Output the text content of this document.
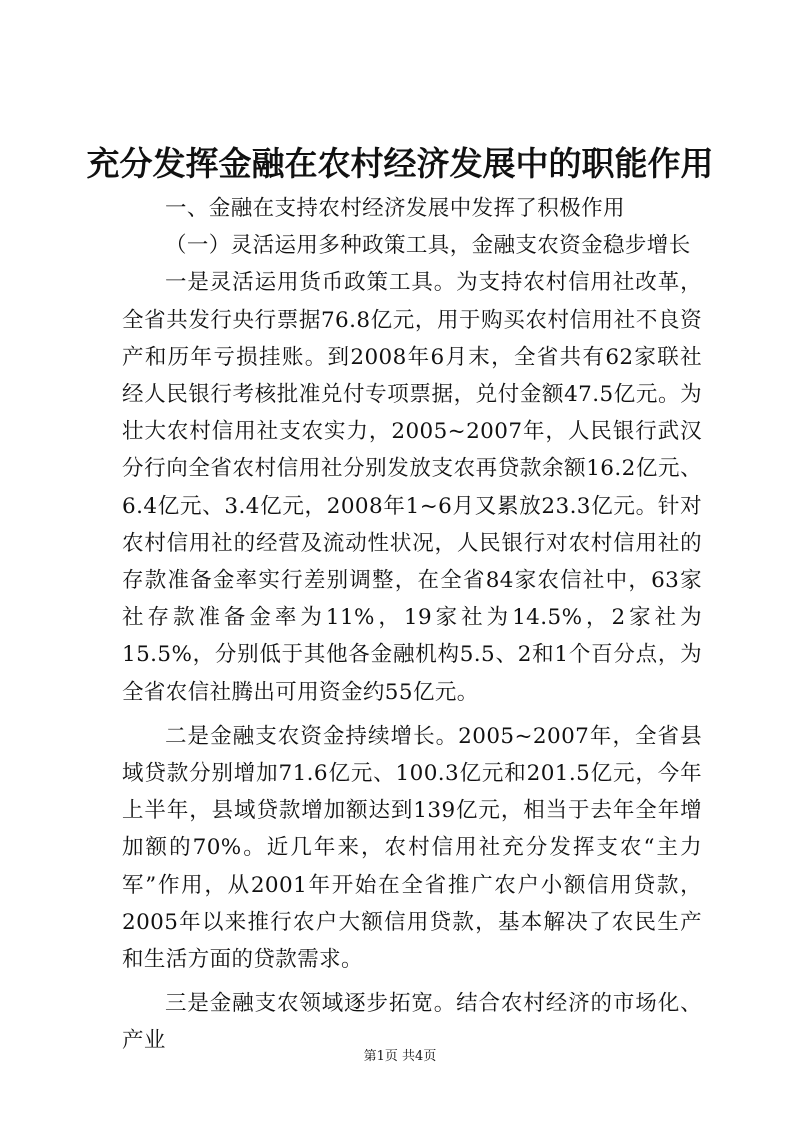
充分发挥金融在农村经济发展中的职能作用

一、金融在支持农村经济发展中发挥了积极作用

（一）灵活运用多种政策工具，金融支农资金稳步增长

一是灵活运用货币政策工具。为支持农村信用社改革，全省共发行央行票据76.8亿元，用于购买农村信用社不良资产和历年亏损挂账。到2008年6月末，全省共有62家联社经人民银行考核批准兑付专项票据，兑付金额47.5亿元。为壮大农村信用社支农实力，2005~2007年，人民银行武汉分行向全省农村信用社分别发放支农再贷款余额16.2亿元、6.4亿元、3.4亿元，2008年1~6月又累放23.3亿元。针对农村信用社的经营及流动性状况，人民银行对农村信用社的存款准备金率实行差别调整，在全省84家农信社中，63家社存款准备金率为11%，19家社为14.5%，2家社为15.5%，分别低于其他各金融机构5.5、2和1个百分点，为全省农信社腾出可用资金约55亿元。

二是金融支农资金持续增长。2005~2007年，全省县域贷款分别增加71.6亿元、100.3亿元和201.5亿元，今年上半年，县域贷款增加额达到139亿元，相当于去年全年增加额的70%。近几年来，农村信用社充分发挥支农“主力军”作用，从2001年开始在全省推广农户小额信用贷款，2005年以来推行农户大额信用贷款，基本解决了农民生产和生活方面的贷款需求。

三是金融支农领域逐步拓宽。结合农村经济的市场化、产业

第1页 共4页
